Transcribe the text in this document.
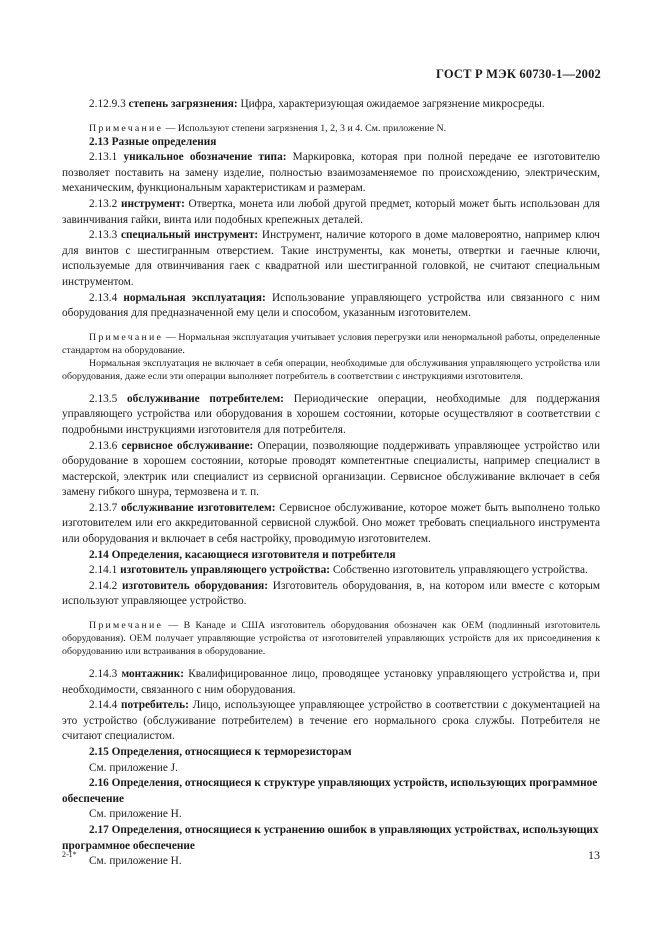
ГОСТ Р МЭК 60730-1—2002

2.12.9.3 степень загрязнения: Цифра, характеризующая ожидаемое загрязнение микросреды.

Примечание — Используют степени загрязнения 1, 2, 3 и 4. См. приложение N.

2.13 Разные определения

2.13.1 уникальное обозначение типа: Маркировка, которая при полной передаче ее изготовителю позволяет поставить на замену изделие, полностью взаимозаменяемое по происхождению, электрическим, механическим, функциональным характеристикам и размерам.

2.13.2 инструмент: Отвертка, монета или любой другой предмет, который может быть использован для завинчивания гайки, винта или подобных крепежных деталей.

2.13.3 специальный инструмент: Инструмент, наличие которого в доме маловероятно, например ключ для винтов с шестигранным отверстием. Такие инструменты, как монеты, отвертки и гаечные ключи, используемые для отвинчивания гаек с квадратной или шестигранной головкой, не считают специальным инструментом.

2.13.4 нормальная эксплуатация: Использование управляющего устройства или связанного с ним оборудования для предназначенной ему цели и способом, указанным изготовителем.

Примечание — Нормальная эксплуатация учитывает условия перегрузки или ненормальной работы, определенные стандартом на оборудование.

Нормальная эксплуатация не включает в себя операции, необходимые для обслуживания управляющего устройства или оборудования, даже если эти операции выполняет потребитель в соответствии с инструкциями изготовителя.

2.13.5 обслуживание потребителем: Периодические операции, необходимые для поддержания управляющего устройства или оборудования в хорошем состоянии, которые осуществляют в соответствии с подробными инструкциями изготовителя для потребителя.

2.13.6 сервисное обслуживание: Операции, позволяющие поддерживать управляющее устройство или оборудование в хорошем состоянии, которые проводят компетентные специалисты, например специалист в мастерской, электрик или специалист из сервисной организации. Сервисное обслуживание включает в себя замену гибкого шнура, термозвена и т. п.

2.13.7 обслуживание изготовителем: Сервисное обслуживание, которое может быть выполнено только изготовителем или его аккредитованной сервисной службой. Оно может требовать специального инструмента или оборудования и включает в себя настройку, проводимую изготовителем.

2.14 Определения, касающиеся изготовителя и потребителя

2.14.1 изготовитель управляющего устройства: Собственно изготовитель управляющего устройства.

2.14.2 изготовитель оборудования: Изготовитель оборудования, в, на котором или вместе с которым используют управляющее устройство.

Примечание — В Канаде и США изготовитель оборудования обозначен как OEM (подлинный изготовитель оборудования). OEM получает управляющие устройства от изготовителей управляющих устройств для их присоединения к оборудованию или встраивания в оборудование.

2.14.3 монтажник: Квалифицированное лицо, проводящее установку управляющего устройства и, при необходимости, связанного с ним оборудования.

2.14.4 потребитель: Лицо, использующее управляющее устройство в соответствии с документацией на это устройство (обслуживание потребителем) в течение его нормального срока службы. Потребителя не считают специалистом.

2.15 Определения, относящиеся к терморезисторам

См. приложение J.

2.16 Определения, относящиеся к структуре управляющих устройств, использующих программное обеспечение

См. приложение H.

2.17 Определения, относящиеся к устранению ошибок в управляющих устройствах, использующих программное обеспечение

См. приложение H.

2-1*	13
